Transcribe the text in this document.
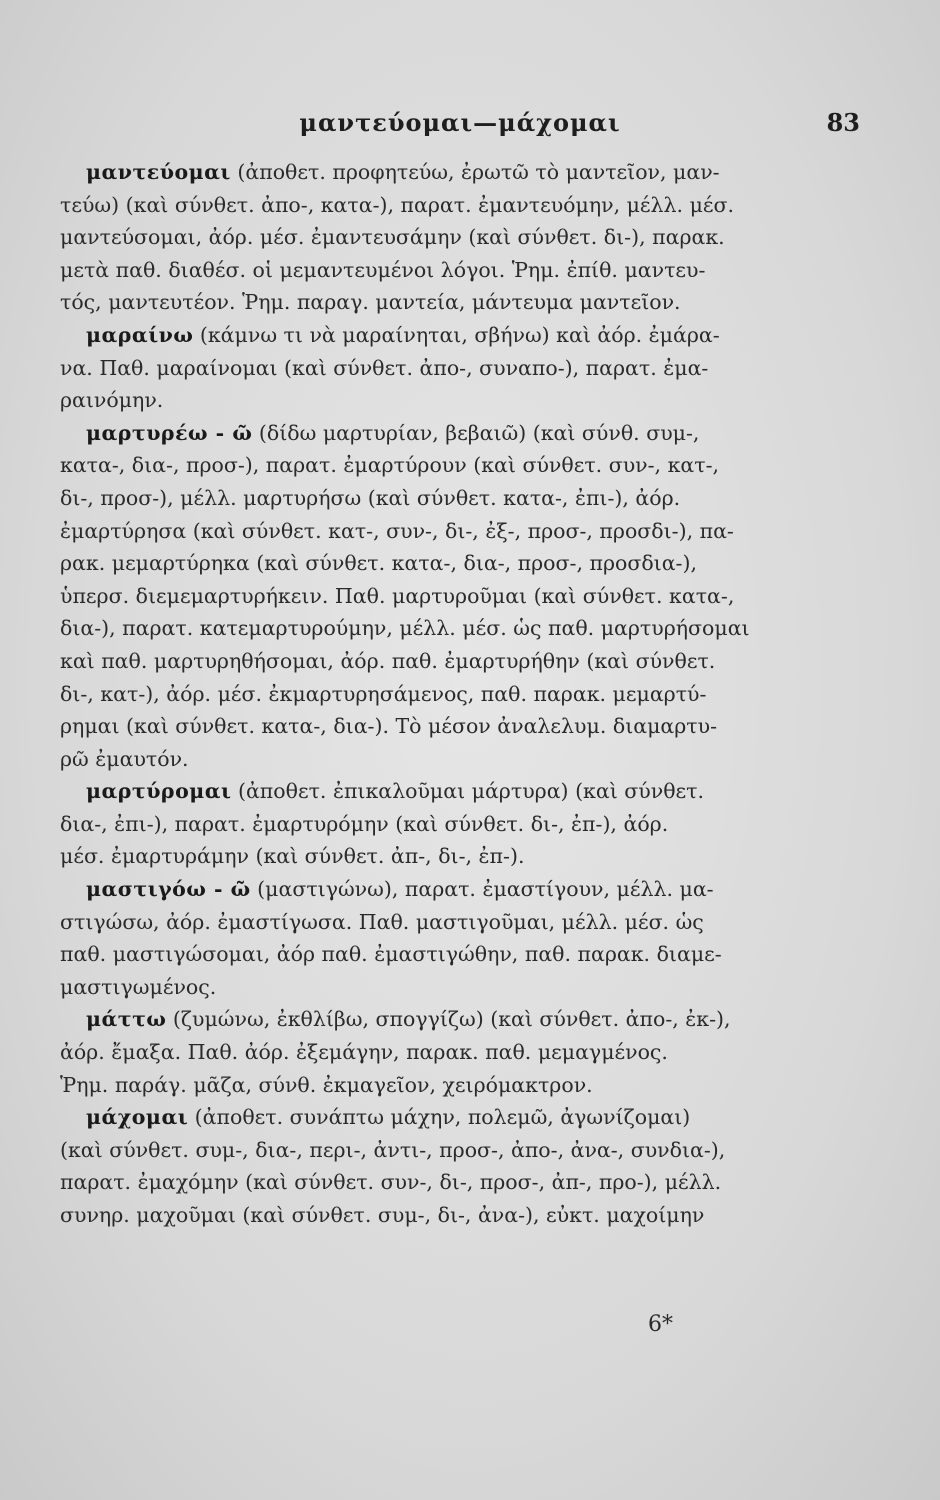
μαντεύομαι—μάχομαι	83
μαντεύομαι (ἀποθετ. προφητεύω, ἐρωτῶ τὸ μαντεῖον, μαν-
τεύω) (καὶ σύνθετ. ἀπο-, κατα-), παρατ. ἐμαντευόμην, μέλλ. μέσ.
μαντεύσομαι, ἀόρ. μέσ. ἐμαντευσάμην (καὶ σύνθετ. δι-), παρακ.
μετὰ παθ. διαθέσ. οἱ μεμαντευμένοι λόγοι. Ῥημ. ἐπίθ. μαντευ-
τός, μαντευτέον. Ῥημ. παραγ. μαντεία, μάντευμα μαντεῖον.
μαραίνω (κάμνω τι νὰ μαραίνηται, σβήνω) καὶ ἀόρ. ἐμάρα-
να. Παθ. μαραίνομαι (καὶ σύνθετ. ἀπο-, συναπο-), παρατ. ἐμα-
ραινόμην.
μαρτυρέω - ῶ (δίδω μαρτυρίαν, βεβαιῶ) (καὶ σύνθ. συμ-,
κατα-, δια-, προσ-), παρατ. ἐμαρτύρουν (καὶ σύνθετ. συν-, κατ-,
δι-, προσ-), μέλλ. μαρτυρήσω (καὶ σύνθετ. κατα-, ἐπι-), ἀόρ.
ἐμαρτύρησα (καὶ σύνθετ. κατ-, συν-, δι-, ἐξ-, προσ-, προσδι-), πα-
ρακ. μεμαρτύρηκα (καὶ σύνθετ. κατα-, δια-, προσ-, προσδια-),
ὑπερσ. διεμεμαρτυρήκειν. Παθ. μαρτυροῦμαι (καὶ σύνθετ. κατα-,
δια-), παρατ. κατεμαρτυρούμην, μέλλ. μέσ. ὡς παθ. μαρτυρήσομαι
καὶ παθ. μαρτυρηθήσομαι, ἀόρ. παθ. ἐμαρτυρήθην (καὶ σύνθετ.
δι-, κατ-), ἀόρ. μέσ. ἐκμαρτυρησάμενος, παθ. παρακ. μεμαρτύ-
ρημαι (καὶ σύνθετ. κατα-, δια-). Τὸ μέσον ἀναλελυμ. διαμαρτυ-
ρῶ ἐμαυτόν.
μαρτύρομαι (ἀποθετ. ἐπικαλοῦμαι μάρτυρα) (καὶ σύνθετ.
δια-, ἐπι-), παρατ. ἐμαρτυρόμην (καὶ σύνθετ. δι-, ἐπ-), ἀόρ.
μέσ. ἐμαρτυράμην (καὶ σύνθετ. ἀπ-, δι-, ἐπ-).
μαστιγόω - ῶ (μαστιγώνω), παρατ. ἐμαστίγουν, μέλλ. μα-
στιγώσω, ἀόρ. ἐμαστίγωσα. Παθ. μαστιγοῦμαι, μέλλ. μέσ. ὡς
παθ. μαστιγώσομαι, ἀόρ παθ. ἐμαστιγώθην, παθ. παρακ. διαμε-
μαστιγωμένος.
μάττω (ζυμώνω, ἐκθλίβω, σπογγίζω) (καὶ σύνθετ. ἀπο-, ἐκ-),
ἀόρ. ἔμαξα. Παθ. ἀόρ. ἐξεμάγην, παρακ. παθ. μεμαγμένος.
Ῥημ. παράγ. μᾶζα, σύνθ. ἐκμαγεῖον, χειρόμακτρον.
μάχομαι (ἀποθετ. συνάπτω μάχην, πολεμῶ, ἀγωνίζομαι)
(καὶ σύνθετ. συμ-, δια-, περι-, ἀντι-, προσ-, ἀπο-, ἀνα-, συνδια-),
παρατ. ἐμαχόμην (καὶ σύνθετ. συν-, δι-, προσ-, ἀπ-, προ-), μέλλ.
συνηρ. μαχοῦμαι (καὶ σύνθετ. συμ-, δι-, ἀνα-), εὐκτ. μαχοίμην
6*
